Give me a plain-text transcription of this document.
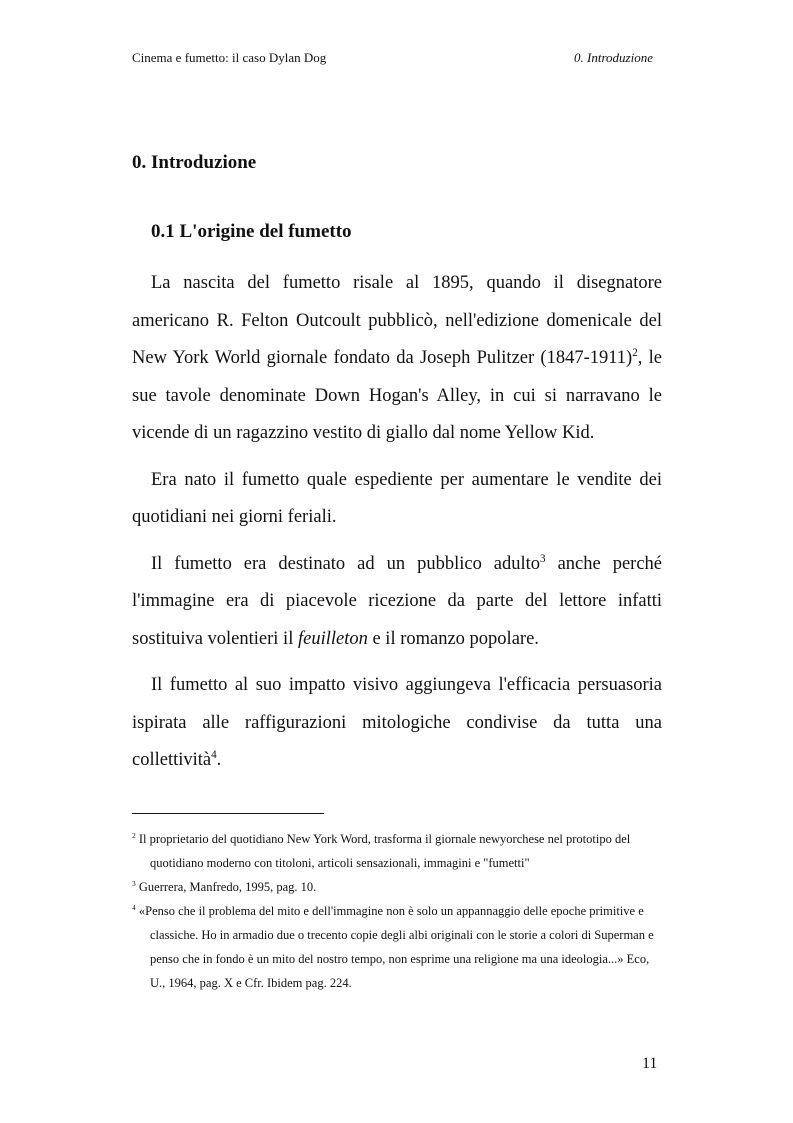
Cinema e fumetto: il caso Dylan Dog	0. Introduzione
0. Introduzione
0.1 L'origine del fumetto

La nascita del fumetto risale al 1895, quando il disegnatore americano R. Felton Outcoult pubblicò, nell'edizione domenicale del New York World giornale fondato da Joseph Pulitzer (1847-1911)$^2$, le sue tavole denominate Down Hogan's Alley, in cui si narravano le vicende di un ragazzino vestito di giallo dal nome Yellow Kid.

Era nato il fumetto quale espediente per aumentare le vendite dei quotidiani nei giorni feriali.

Il fumetto era destinato ad un pubblico adulto$^3$ anche perché l'immagine era di piacevole ricezione da parte del lettore infatti sostituiva volentieri il feuilleton e il romanzo popolare.

Il fumetto al suo impatto visivo aggiungeva l'efficacia persuasoria ispirata alle raffigurazioni mitologiche condivise da tutta una collettività$^4$.

$^2$ Il proprietario del quotidiano New York Word, trasforma il giornale newyorchese nel prototipo del quotidiano moderno con titoloni, articoli sensazionali, immagini e "fumetti"

$^3$ Guerrera, Manfredo, 1995, pag. 10.

$^4$ «Penso che il problema del mito e dell'immagine non è solo un appannaggio delle epoche primitive e classiche. Ho in armadio due o trecento copie degli albi originali con le storie a colori di Superman e penso che in fondo è un mito del nostro tempo, non esprime una religione ma una ideologia...» Eco, U., 1964, pag. X e Cfr. Ibidem pag. 224.

11
